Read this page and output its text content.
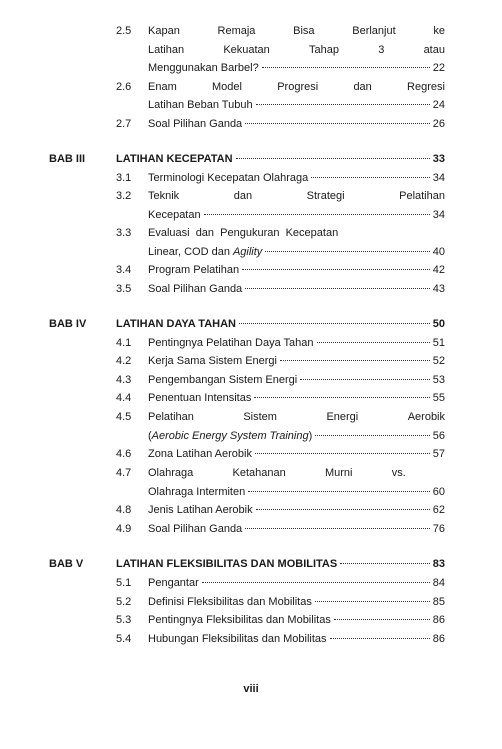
2.5 Kapan	Remaja	Bisa	Berlanjut	ke
Latihan	Kekuatan	Tahap	3	atau
Menggunakan Barbel?	22
2.6 Enam	Model	Progresi	dan	Regresi
Latihan Beban Tubuh	24
2.7 Soal Pilihan Ganda	26
BAB III	LATIHAN KECEPATAN	33
3.1 Terminologi Kecepatan Olahraga	34
3.2 Teknik	dan	Strategi	Pelatihan
Kecepatan	34
3.3 Evaluasi  dan  Pengukuran  Kecepatan
Linear, COD dan Agility	40
3.4 Program Pelatihan	42
3.5 Soal Pilihan Ganda	43
BAB IV	LATIHAN DAYA TAHAN	50
4.1 Pentingnya Pelatihan Daya Tahan	51
4.2 Kerja Sama Sistem Energi	52
4.3 Pengembangan Sistem Energi	53
4.4 Penentuan Intensitas	55
4.5 Pelatihan	Sistem	Energi	Aerobik
( Aerobic Energy System Training )	56
4.6 Zona Latihan Aerobik	57
4.7 Olahraga	Ketahanan	Murni	vs.
Olahraga Intermiten	60
4.8 Jenis Latihan Aerobik	62
4.9 Soal Pilihan Ganda	76
BAB V	LATIHAN FLEKSIBILITAS DAN MOBILITAS	83
5.1 Pengantar	84
5.2 Definisi Fleksibilitas dan Mobilitas	85
5.3 Pentingnya Fleksibilitas dan Mobilitas	86
5.4 Hubungan Fleksibilitas dan Mobilitas	86
viii
